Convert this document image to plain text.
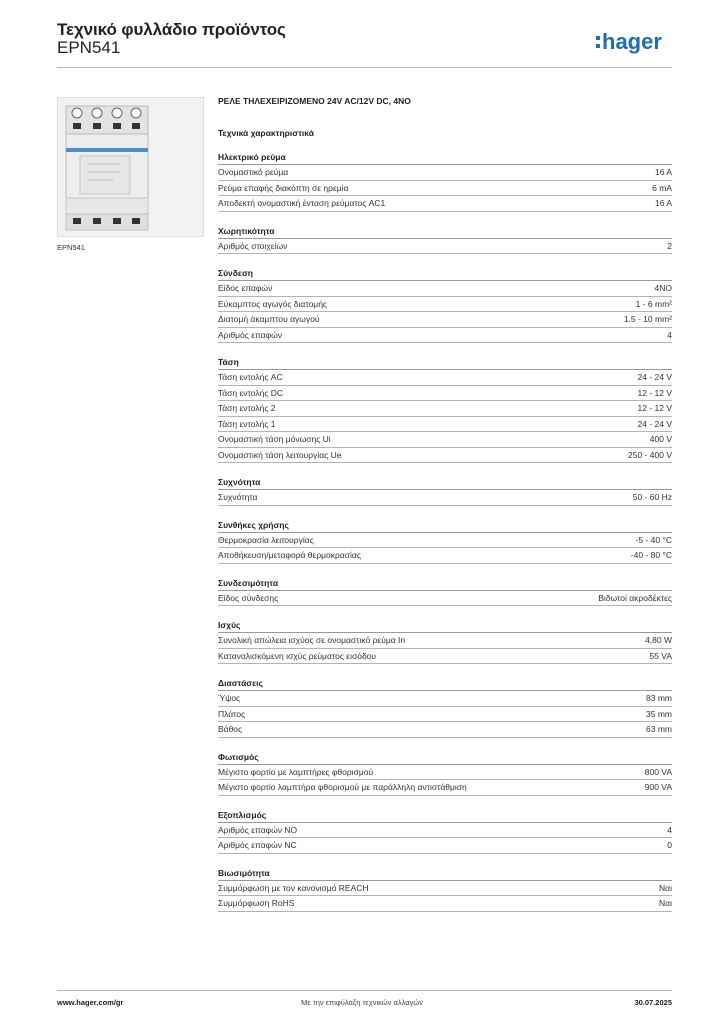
Τεχνικό φυλλάδιο προϊόντος
EPN541	hager
EPN541
ΡΕΛΕ ΤΗΛΕΧΕΙΡΙΖΟΜΕΝΟ 24V AC/12V DC, 4NO
Τεχνικά χαρακτηριστικά
Ηλεκτρικό ρεύμα
Ονομαστικό ρεύμα	16 A
Ρεύμα επαφής διακόπτη σε ηρεμία	6 mA
Αποδεκτή ονομαστική ένταση ρεύματος AC1	16 A
Χωρητικότητα
Αριθμός στοιχείων	2
Σύνδεση
Είδος επαφών	4NO
Εύκαμπτος αγωγός διατομής	1 - 6 mm²
Διατομή άκαμπτου αγωγού	1.5 - 10 mm²
Αριθμός επαφών	4
Τάση
Τάση εντολής AC	24 - 24 V
Τάση εντολής DC	12 - 12 V
Τάση εντολής 2	12 - 12 V
Τάση εντολής 1	24 - 24 V
Ονομαστική τάση μόνωσης Ui	400 V
Ονομαστική τάση λειτουργίας Ue	250 - 400 V
Συχνότητα
Συχνότητα	50 - 60 Hz
Συνθήκες χρήσης
Θερμοκρασία λειτουργίας	-5 - 40 °C
Αποθήκευση/μεταφορά θερμοκρασίας	-40 - 80 °C
Συνδεσιμότητα
Είδος σύνδεσης	Βιδωτοί ακροδέκτες
Ισχύς
Συνολική απώλεια ισχύος σε ονομαστικό ρεύμα In	4,80 W
Καταναλισκόμενη ισχύς ρεύματος εισόδου	55 VA
Διαστάσεις
Ύψος	83 mm
Πλάτος	35 mm
Βάθος	63 mm
Φωτισμός
Μέγιστο φορτίο με λαμπτήρες φθορισμού	800 VA
Μέγιστο φορτίο λαμπτήρα φθορισμού με παράλληλη αντιστάθμιση	900 VA
Εξοπλισμός
Αριθμός επαφών NO	4
Αριθμός επαφών NC	0
Βιωσιμότητα
Συμμόρφωση με τον κανονισμό REACH	Ναι
Συμμόρφωση RoHS	Ναι
www.hager.com/gr	Με την επιφύλαξη τεχνικών αλλαγών	30.07.2025
